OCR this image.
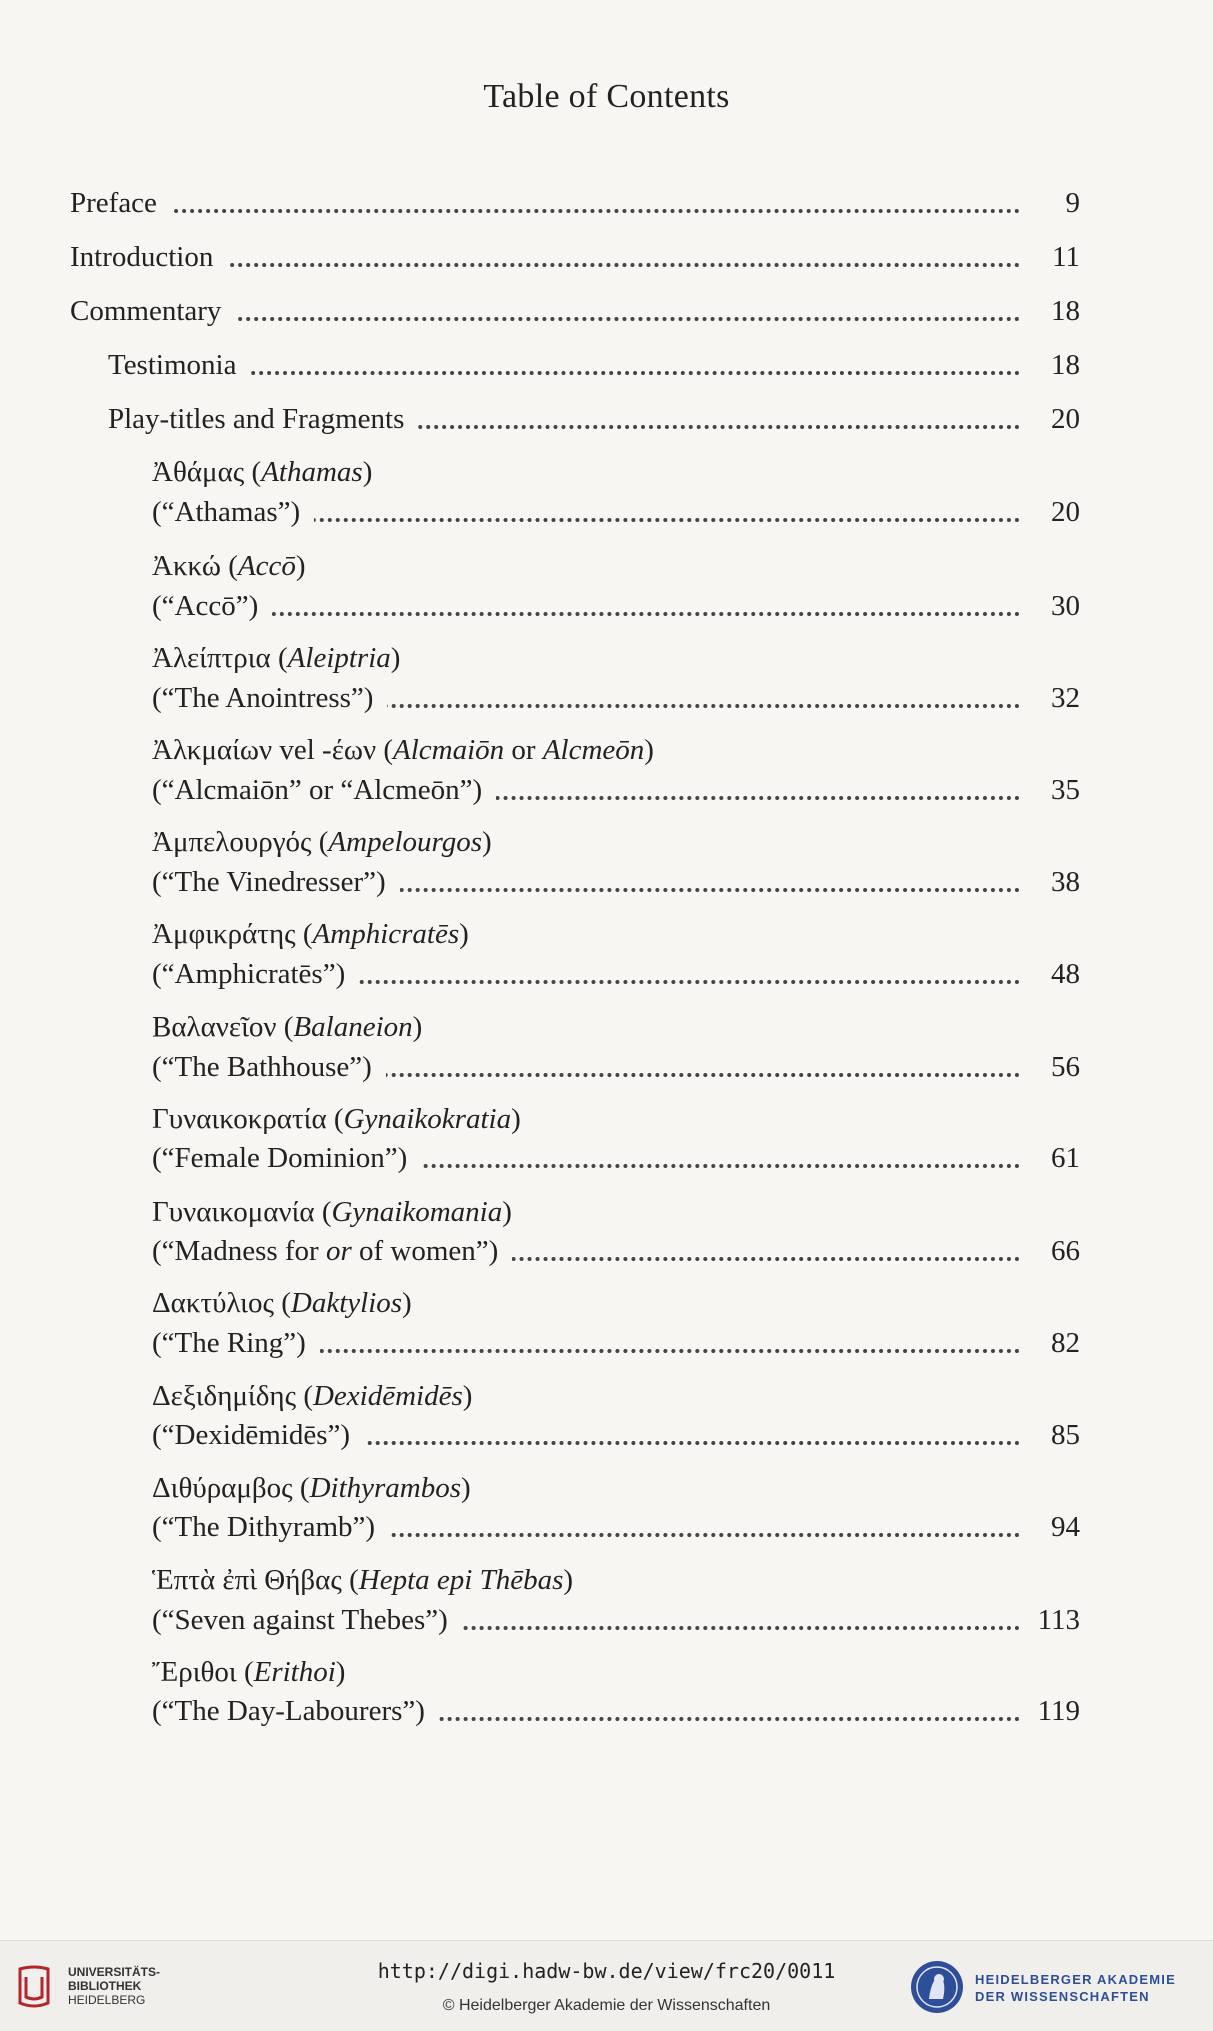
Table of Contents
Preface	9
Introduction	11
Commentary	18
Testimonia	18
Play-titles and Fragments	20
Ἀθάμας (Athamas)
(“Athamas”)	20
Ἀκκώ (Accō)
(“Accō”)	30
Ἀλείπτρια (Aleiptria)
(“The Anointress”)	32
Ἀλκμαίων vel -έων (Alcmaiōn or Alcmeōn)
(“Alcmaiōn” or “Alcmeōn”)	35
Ἀμπελουργός (Ampelourgos)
(“The Vinedresser”)	38
Ἀμφικράτης (Amphicratēs)
(“Amphicratēs”)	48
Βαλανεῖον (Balaneion)
(“The Bathhouse”)	56
Γυναικοκρατία (Gynaikokratia)
(“Female Dominion”)	61
Γυναικομανία (Gynaikomania)
(“Madness for or of women”)	66
Δακτύλιος (Daktylios)
(“The Ring”)	82
Δεξιδημίδης (Dexidēmidēs)
(“Dexidēmidēs”)	85
Διθύραμβος (Dithyrambos)
(“The Dithyramb”)	94
Ἑπτὰ ἐπὶ Θήβας (Hepta epi Thēbas)
(“Seven against Thebes”)	113
Ἔριθοι (Erithoi)
(“The Day-Labourers”)	119
UNIVERSITÄTS-
BIBLIOTHEK
HEIDELBERG
http://digi.hadw-bw.de/view/frc20/0011
© Heidelberger Akademie der Wissenschaften
HEIDELBERGER AKADEMIE
DER WISSENSCHAFTEN
